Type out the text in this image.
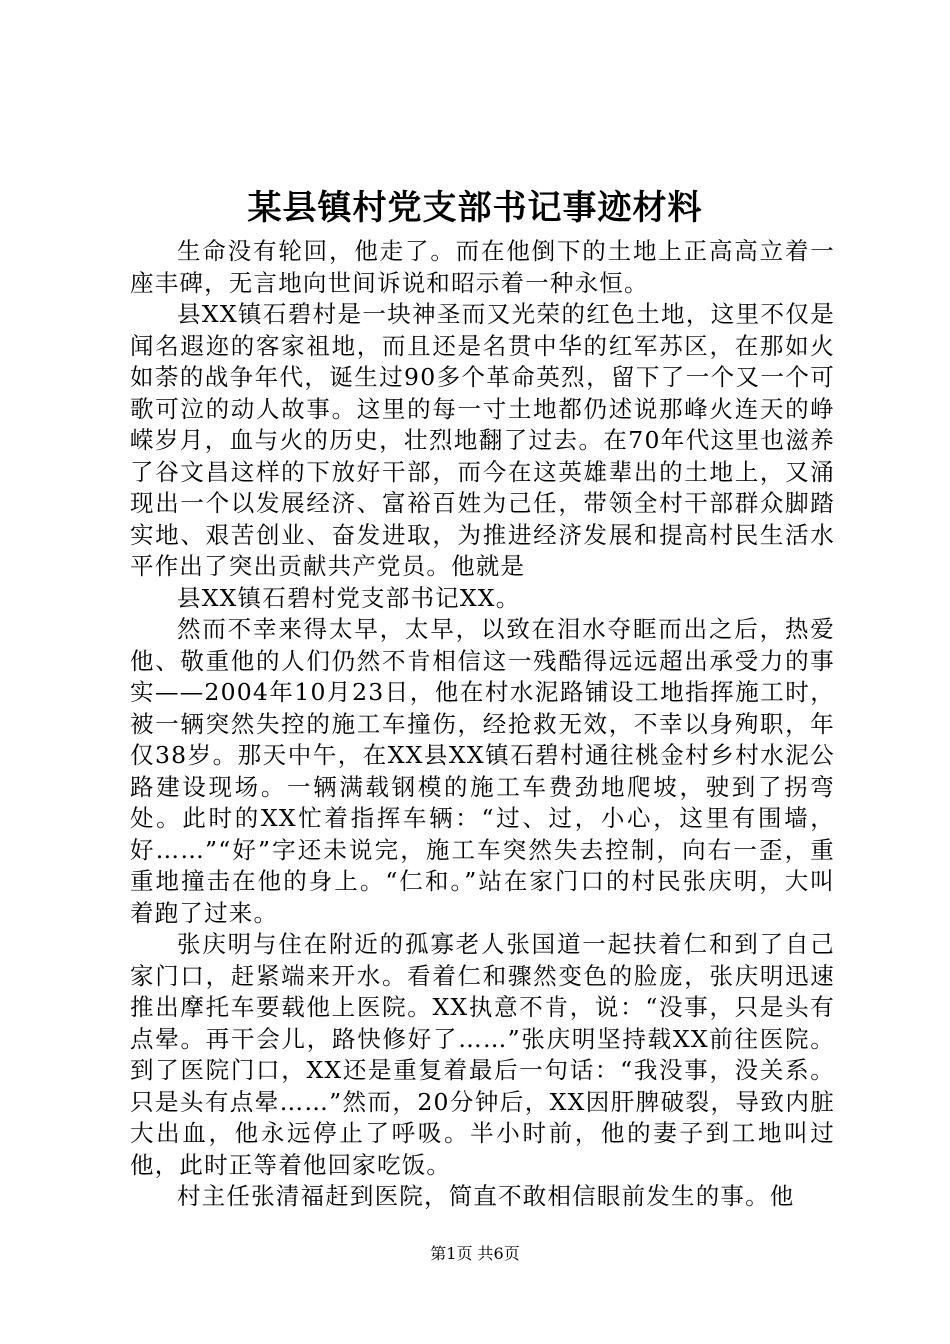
某县镇村党支部书记事迹材料

生命没有轮回，他走了。而在他倒下的土地上正高高立着一座丰碑，无言地向世间诉说和昭示着一种永恒。

县XX镇石碧村是一块神圣而又光荣的红色土地，这里不仅是闻名遐迩的客家祖地，而且还是名贯中华的红军苏区，在那如火如荼的战争年代，诞生过90多个革命英烈，留下了一个又一个可歌可泣的动人故事。这里的每一寸土地都仍述说那峰火连天的峥嵘岁月，血与火的历史，壮烈地翻了过去。在70年代这里也滋养了谷文昌这样的下放好干部，而今在这英雄辈出的土地上，又涌现出一个以发展经济、富裕百姓为己任，带领全村干部群众脚踏实地、艰苦创业、奋发进取，为推进经济发展和提高村民生活水平作出了突出贡献共产党员。他就是

县XX镇石碧村党支部书记XX。

然而不幸来得太早，太早，以致在泪水夺眶而出之后，热爱他、敬重他的人们仍然不肯相信这一残酷得远远超出承受力的事实——2004年10月23日，他在村水泥路铺设工地指挥施工时，被一辆突然失控的施工车撞伤，经抢救无效，不幸以身殉职，年仅38岁。那天中午，在XX县XX镇石碧村通往桃金村乡村水泥公路建设现场。一辆满载钢模的施工车费劲地爬坡，驶到了拐弯处。此时的XX忙着指挥车辆：“过、过，小心，这里有围墙，好……”“好”字还未说完，施工车突然失去控制，向右一歪，重重地撞击在他的身上。“仁和。”站在家门口的村民张庆明，大叫着跑了过来。

张庆明与住在附近的孤寡老人张国道一起扶着仁和到了自己家门口，赶紧端来开水。看着仁和骤然变色的脸庞，张庆明迅速推出摩托车要载他上医院。XX执意不肯，说：“没事，只是头有点晕。再干会儿，路快修好了……”张庆明坚持载XX前往医院。到了医院门口，XX还是重复着最后一句话：“我没事，没关系。只是头有点晕……”然而，20分钟后，XX因肝脾破裂，导致内脏大出血，他永远停止了呼吸。半小时前，他的妻子到工地叫过他，此时正等着他回家吃饭。

村主任张清福赶到医院，简直不敢相信眼前发生的事。他

第1页 共6页
